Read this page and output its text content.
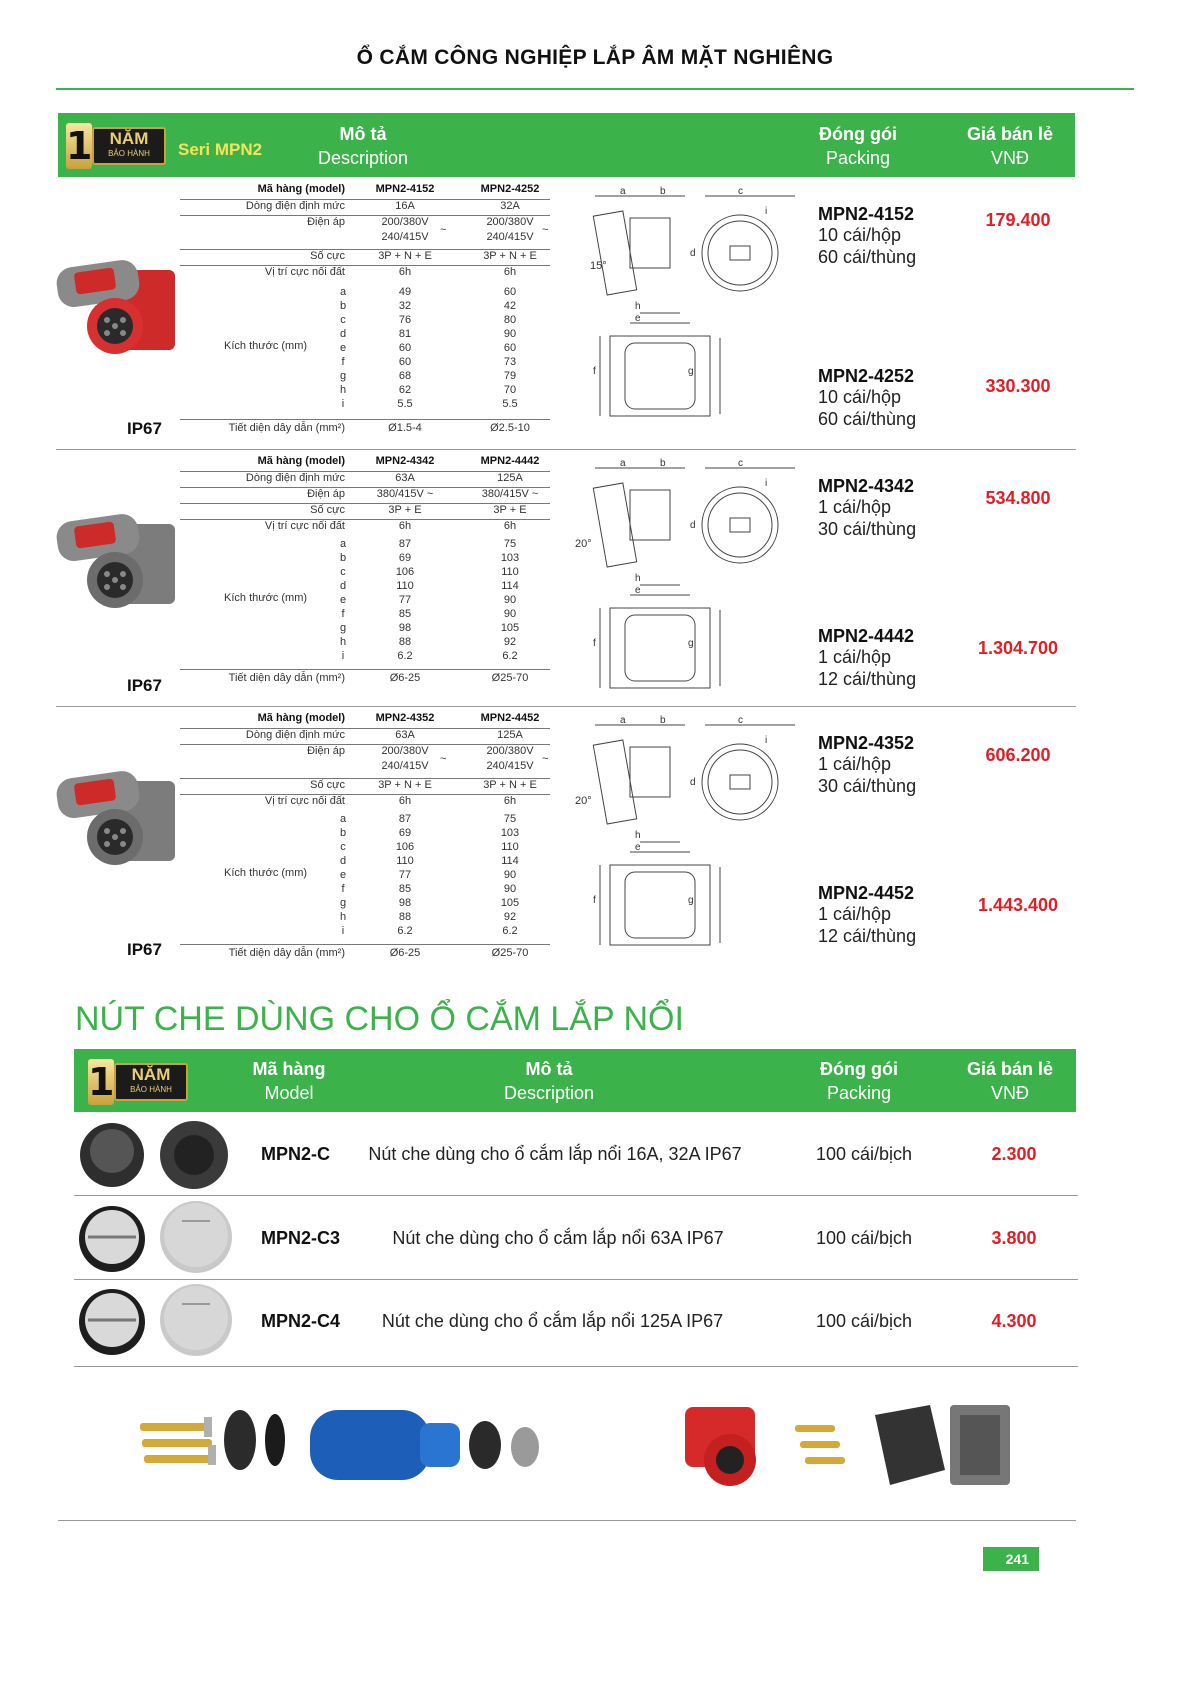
Ổ CẮM CÔNG NGHIỆP LẮP ÂM MẶT NGHIÊNG
1	NĂM
BẢO HÀNH	Seri MPN2
Mô tả
Description
Đóng gói
Packing
Giá bán lẻ
VNĐ
IP67
Mã hàng (model)	MPN2-4152	MPN2-4252
Dòng điện định mức	16A	32A
Điện áp	200/380V	200/380V
240/415V	240/415V
~	~
Số cực	3P + N + E	3P + N + E
Vị trí cực nối đất	6h	6h
a	49	60
b	32	42
c	76	80
d	81	90
e	60	60
f	60	73
g	68	79
h	62	70
i	5.5	5.5
Kích thước (mm)
Tiết diện dây dẫn (mm²)	Ø1.5-4	Ø2.5-10
a	b	c
i
d
h
e
f	g
15°
MPN2-4152
10 cái/hộp
60 cái/thùng
179.400
MPN2-4252
10 cái/hộp
60 cái/thùng
330.300
IP67
Mã hàng (model)	MPN2-4342	MPN2-4442
Dòng điện định mức	63A	125A
Điện áp	380/415V ~	380/415V ~
Số cực	3P + E	3P + E
Vị trí cực nối đất	6h	6h
a	87	75
b	69	103
c	106	110
d	110	114
e	77	90
f	85	90
g	98	105
h	88	92
i	6.2	6.2
Kích thước (mm)
Tiết diện dây dẫn (mm²)	Ø6-25	Ø25-70
a	b	c
i
d
h
e
f	g
20°
MPN2-4342
1 cái/hộp
30 cái/thùng
534.800
MPN2-4442
1 cái/hộp
12 cái/thùng
1.304.700
IP67
Mã hàng (model)	MPN2-4352	MPN2-4452
Dòng điện định mức	63A	125A
Điện áp	200/380V	200/380V
240/415V	240/415V
~	~
Số cực	3P + N + E	3P + N + E
Vị trí cực nối đất	6h	6h
a	87	75
b	69	103
c	106	110
d	110	114
e	77	90
f	85	90
g	98	105
h	88	92
i	6.2	6.2
Kích thước (mm)
Tiết diện dây dẫn (mm²)	Ø6-25	Ø25-70
a	b	c
i
d
h
e
f	g
20°
MPN2-4352
1 cái/hộp
30 cái/thùng
606.200
MPN2-4452
1 cái/hộp
12 cái/thùng
1.443.400
NÚT CHE DÙNG CHO Ổ CẮM LẮP NỔI
1	NĂM
BẢO HÀNH
Mã hàng
Model
Mô tả
Description
Đóng gói
Packing
Giá bán lẻ
VNĐ
MPN2-C	Nút che dùng cho ổ cắm lắp nổi 16A, 32A IP67	100 cái/bịch	2.300
MPN2-C3	Nút che dùng cho ổ cắm lắp nổi 63A IP67	100 cái/bịch	3.800
MPN2-C4	Nút che dùng cho ổ cắm lắp nổi 125A IP67	100 cái/bịch	4.300
241
